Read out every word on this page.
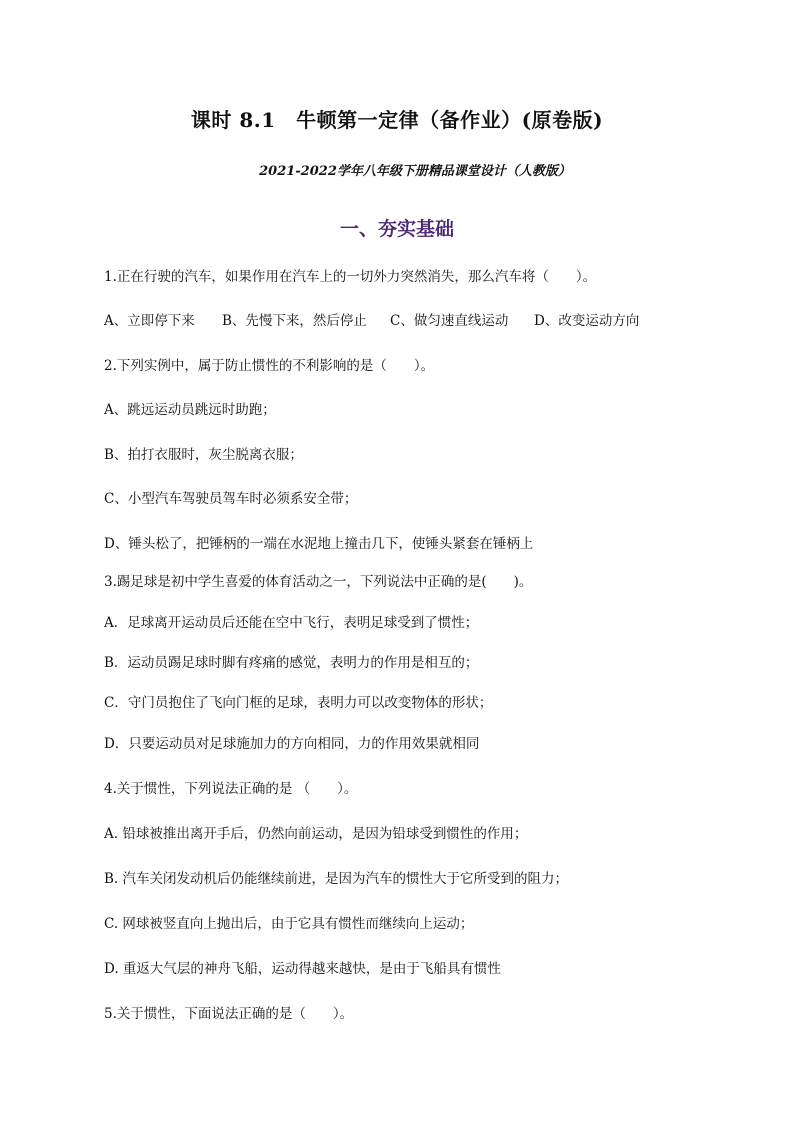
课时 8.1　牛顿第一定律（备作业）(原卷版)
2021-2022学年八年级下册精品课堂设计（人教版）
一、夯实基础
1.正在行驶的汽车，如果作用在汽车上的一切外力突然消失，那么汽车将（　　）。
A、立即停下来 B、先慢下来，然后停止 C、做匀速直线运动 D、改变运动方向
2.下列实例中，属于防止惯性的不利影响的是（　　）。
A、跳远运动员跳远时助跑；
B、拍打衣服时，灰尘脱离衣服；
C、小型汽车驾驶员驾车时必须系安全带；
D、锤头松了，把锤柄的一端在水泥地上撞击几下，使锤头紧套在锤柄上
3.踢足球是初中学生喜爱的体育活动之一，下列说法中正确的是(　　)。
A．足球离开运动员后还能在空中飞行，表明足球受到了惯性；
B．运动员踢足球时脚有疼痛的感觉，表明力的作用是相互的；
C．守门员抱住了飞向门框的足球，表明力可以改变物体的形状；
D．只要运动员对足球施加力的方向相同，力的作用效果就相同
4.关于惯性，下列说法正确的是 （　　）。
A. 铅球被推出离开手后，仍然向前运动，是因为铅球受到惯性的作用；
B. 汽车关闭发动机后仍能继续前进，是因为汽车的惯性大于它所受到的阻力；
C. 网球被竖直向上抛出后，由于它具有惯性而继续向上运动；
D. 重返大气层的神舟飞船，运动得越来越快，是由于飞船具有惯性
5.关于惯性，下面说法正确的是（　　）。
